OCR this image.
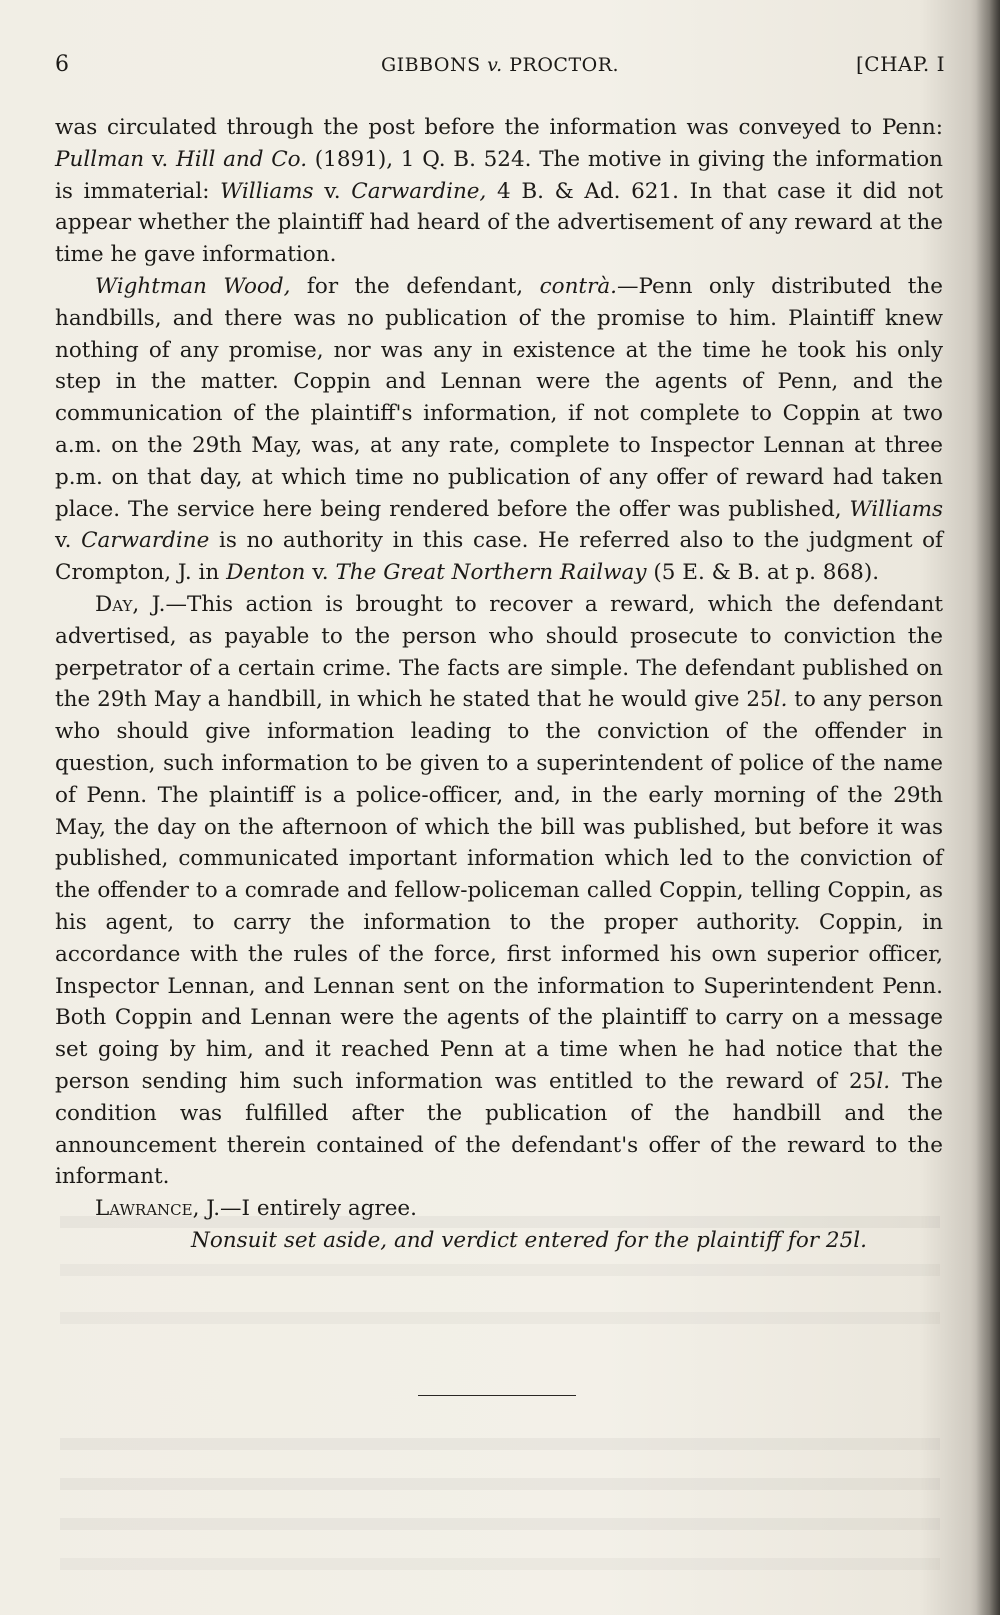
6	GIBBONS v. PROCTOR.	[CHAP. I

was circulated through the post before the information was conveyed to Penn: Pullman v. Hill and Co. (1891), 1 Q. B. 524. The motive in giving the information is immaterial: Williams v. Carwardine, 4 B. & Ad. 621. In that case it did not appear whether the plaintiff had heard of the advertisement of any reward at the time he gave information.

Wightman Wood, for the defendant, contrà.—Penn only distributed the handbills, and there was no publication of the promise to him. Plaintiff knew nothing of any promise, nor was any in existence at the time he took his only step in the matter. Coppin and Lennan were the agents of Penn, and the communication of the plaintiff's information, if not complete to Coppin at two a.m. on the 29th May, was, at any rate, complete to Inspector Lennan at three p.m. on that day, at which time no publication of any offer of reward had taken place. The service here being rendered before the offer was published, Williams v. Carwardine is no authority in this case. He referred also to the judgment of Crompton, J. in Denton v. The Great Northern Railway (5 E. & B. at p. 868).

Day, J.—This action is brought to recover a reward, which the defendant advertised, as payable to the person who should prosecute to conviction the perpetrator of a certain crime. The facts are simple. The defendant published on the 29th May a handbill, in which he stated that he would give 25l. to any person who should give information leading to the conviction of the offender in question, such information to be given to a superintendent of police of the name of Penn. The plaintiff is a police-officer, and, in the early morning of the 29th May, the day on the afternoon of which the bill was published, but before it was published, communicated important information which led to the conviction of the offender to a comrade and fellow-policeman called Coppin, telling Coppin, as his agent, to carry the information to the proper authority. Coppin, in accordance with the rules of the force, first informed his own superior officer, Inspector Lennan, and Lennan sent on the information to Superintendent Penn. Both Coppin and Lennan were the agents of the plaintiff to carry on a message set going by him, and it reached Penn at a time when he had notice that the person sending him such information was entitled to the reward of 25l. The condition was fulfilled after the publication of the handbill and the announcement therein contained of the defendant's offer of the reward to the informant.

Lawrance, J.—I entirely agree.

Nonsuit set aside, and verdict entered for the plaintiff for 25l.
